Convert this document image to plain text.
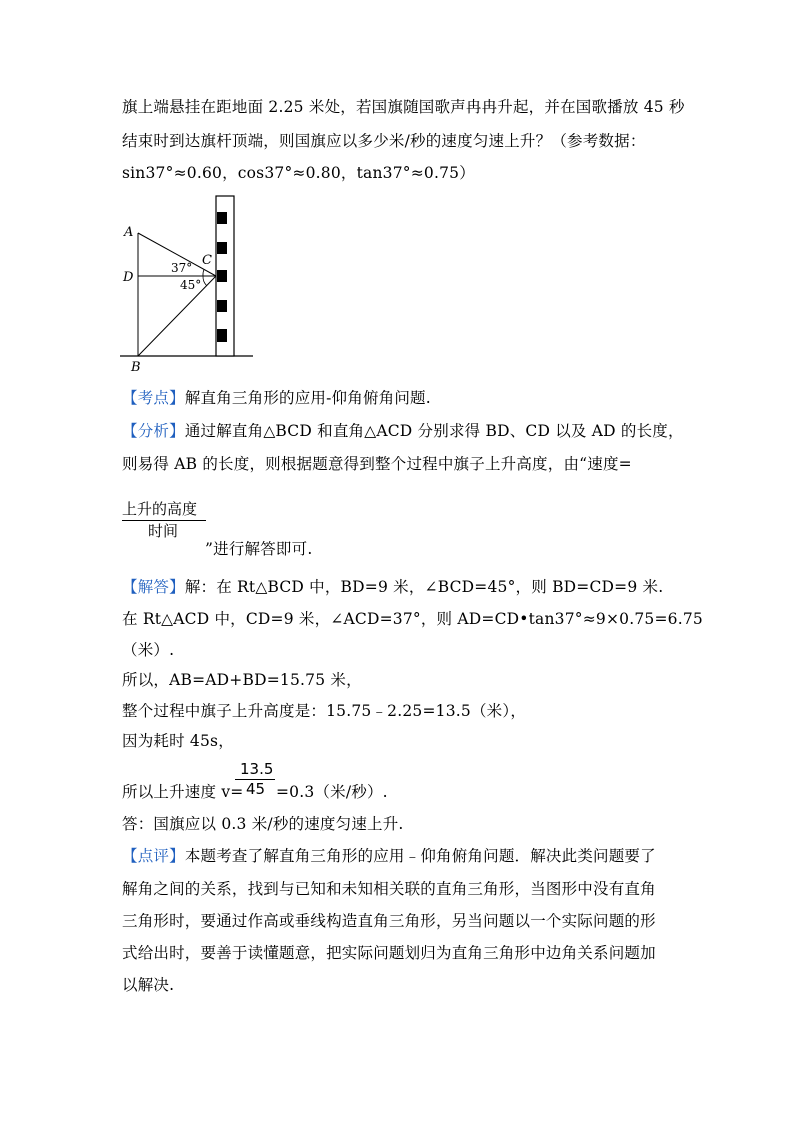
旗上端悬挂在距地面 2.25 米处，若国旗随国歌声冉冉升起，并在国歌播放 45 秒
结束时到达旗杆顶端，则国旗应以多少米/秒的速度匀速上升？（参考数据：
sin37°≈0.60，cos37°≈0.80，tan37°≈0.75）
A
D
B
C
37°
45°
【考点】解直角三角形的应用-仰角俯角问题.
【分析】通过解直角△BCD 和直角△ACD 分别求得 BD、CD 以及 AD 的长度，
则易得 AB 的长度，则根据题意得到整个过程中旗子上升高度，由“速度=
上升的高度
时间
”进行解答即可.
【解答】解：在 Rt△BCD 中，BD=9 米，∠BCD=45°，则 BD=CD=9 米.
在 Rt△ACD 中，CD=9 米，∠ACD=37°，则 AD=CD•tan37°≈9×0.75=6.75
（米）.
所以，AB=AD+BD=15.75 米，
整个过程中旗子上升高度是：15.75﹣2.25=13.5（米），
因为耗时 45s，
所以上升速度 v=
13.5
45 =0.3（米/秒）.
答：国旗应以 0.3 米/秒的速度匀速上升.
【点评】本题考查了解直角三角形的应用﹣仰角俯角问题．解决此类问题要了
解角之间的关系，找到与已知和未知相关联的直角三角形，当图形中没有直角
三角形时，要通过作高或垂线构造直角三角形，另当问题以一个实际问题的形
式给出时，要善于读懂题意，把实际问题划归为直角三角形中边角关系问题加
以解决.
